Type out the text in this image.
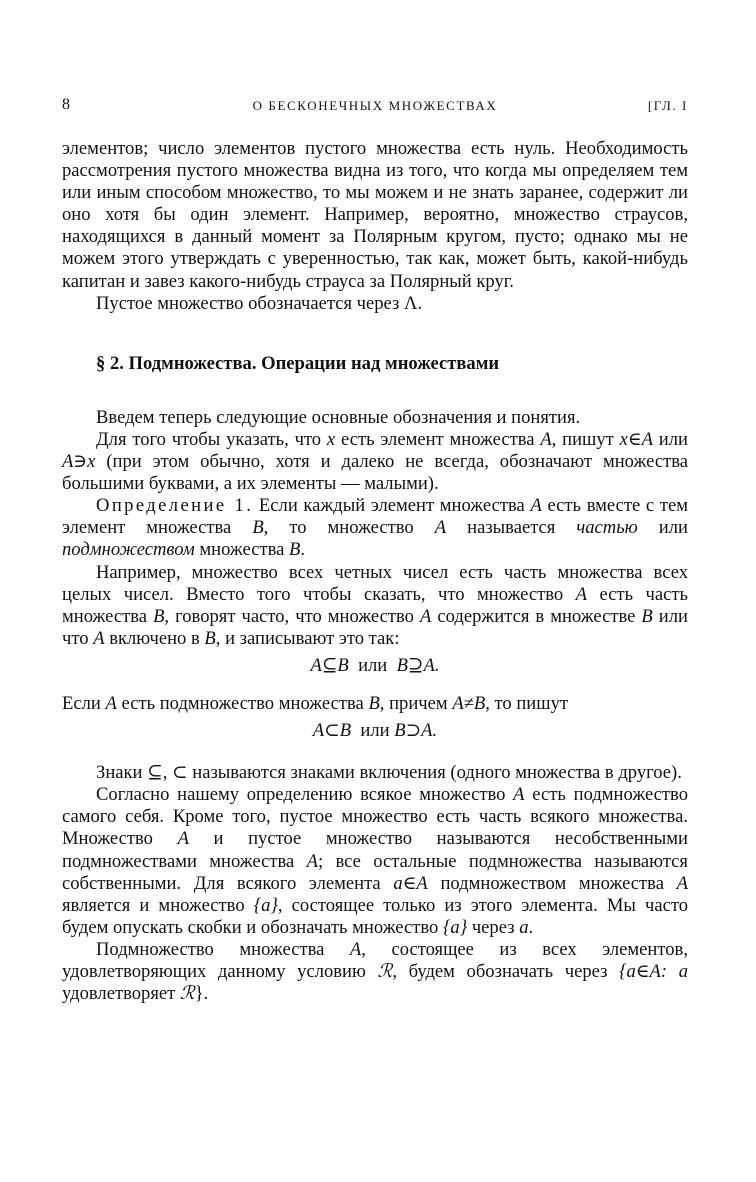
8	О БЕСКОНЕЧНЫХ МНОЖЕСТВАХ	[ГЛ. I

элементов; число элементов пустого множества есть нуль. Необходимость рассмотрения пустого множества видна из того, что когда мы определяем тем или иным способом множество, то мы можем и не знать заранее, содержит ли оно хотя бы один элемент. Например, вероятно, множество страусов, находящихся в данный момент за Полярным кругом, пусто; однако мы не можем этого утверждать с уверенностью, так как, может быть, какой-нибудь капитан и завез какого-нибудь страуса за Полярный круг.

Пустое множество обозначается через Λ.

§ 2. Подмножества. Операции над множествами

Введем теперь следующие основные обозначения и понятия.

Для того чтобы указать, что x есть элемент множества A, пишут x∈A или A∋x (при этом обычно, хотя и далеко не всегда, обозначают множества большими буквами, а их элементы — малыми).

Определение 1. Если каждый элемент множества A есть вместе с тем элемент множества B, то множество A называется частью или подмножеством множества B.

Например, множество всех четных чисел есть часть множества всех целых чисел. Вместо того чтобы сказать, что множество A есть часть множества B, говорят часто, что множество A содержится в множестве B или что A включено в B, и записывают это так:

A⊆B  или  B⊇A.

Если A есть подмножество множества B, причем A≠B, то пишут

A⊂B  или B⊃A.

Знаки ⊆, ⊂ называются знаками включения (одного множества в другое).

Согласно нашему определению всякое множество A есть подмножество самого себя. Кроме того, пустое множество есть часть всякого множества. Множество A и пустое множество называются несобственными подмножествами множества A; все остальные подмножества называются собственными. Для всякого элемента a∈A подмножеством множества A является и множество {a}, состоящее только из этого элемента. Мы часто будем опускать скобки и обозначать множество {a} через a.

Подмножество множества A, состоящее из всех элементов, удовлетворяющих данному условию ℛ, будем обозначать через {a∈A: a удовлетворяет ℛ}.
